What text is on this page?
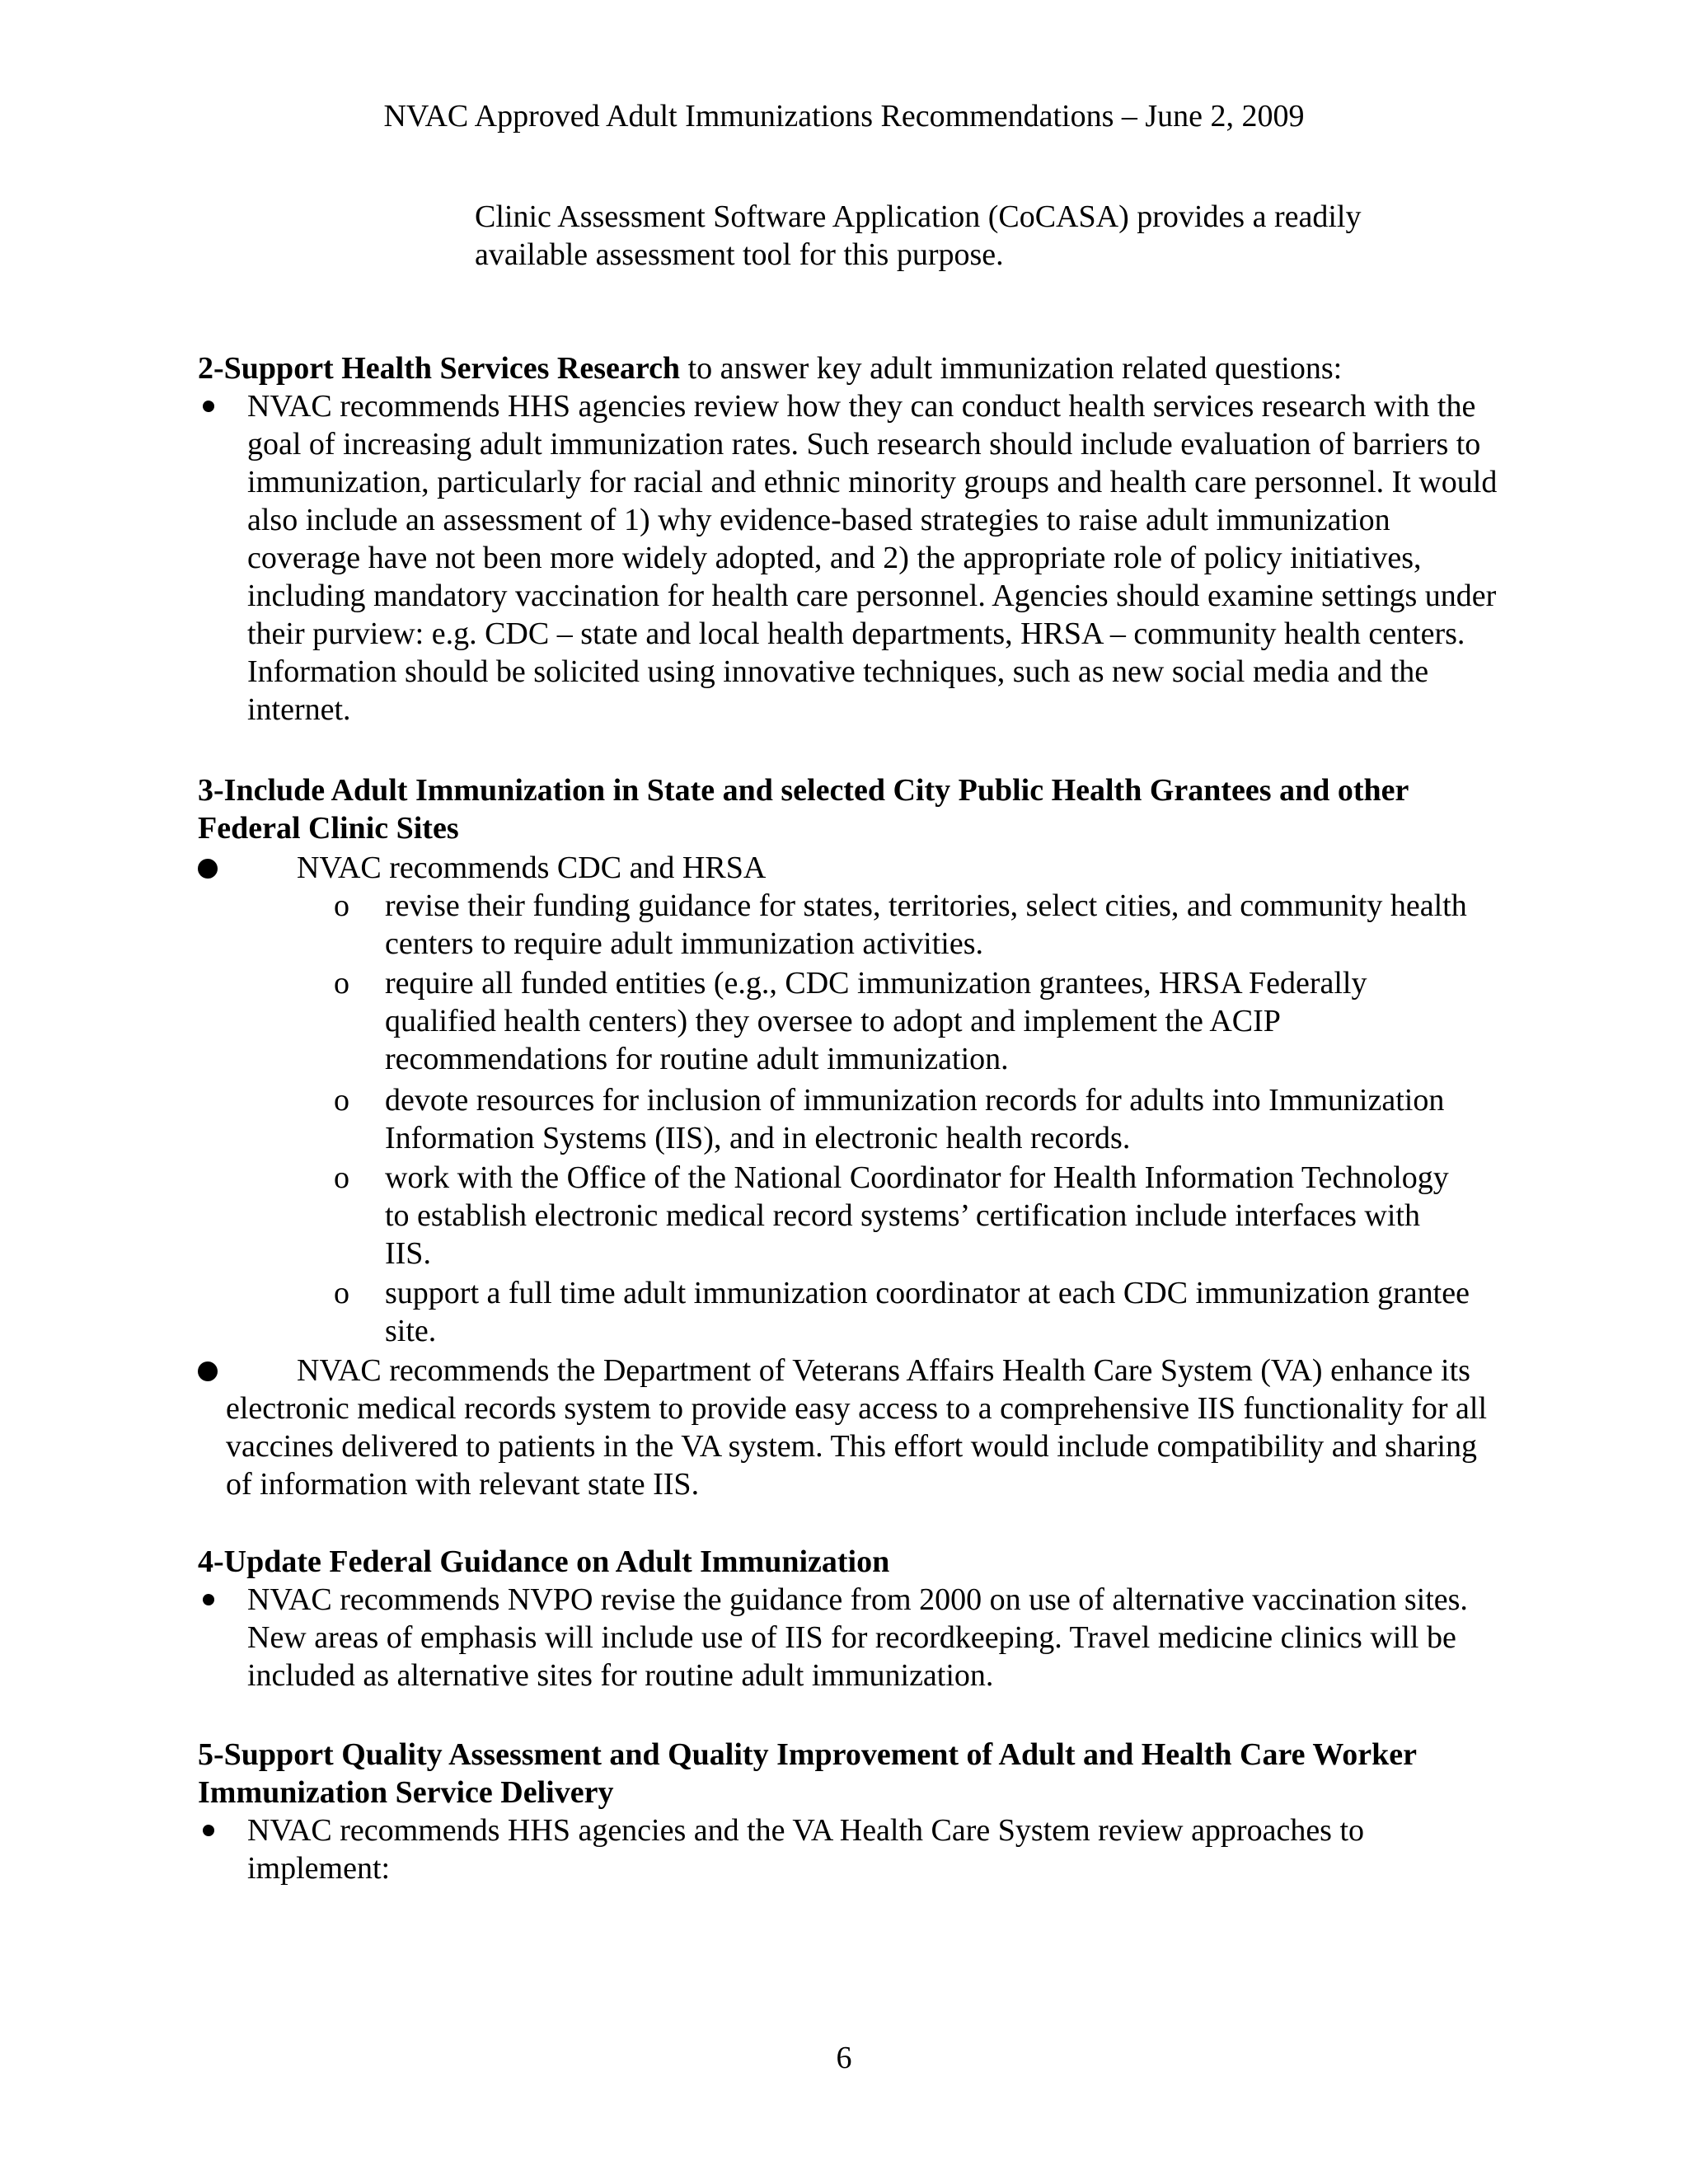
NVAC Approved Adult Immunizations Recommendations – June 2, 2009

Clinic Assessment Software Application (CoCASA) provides a readily available assessment tool for this purpose.

2-Support Health Services Research to answer key adult immunization related questions:

NVAC recommends HHS agencies review how they can conduct health services research with the goal of increasing adult immunization rates. Such research should include evaluation of barriers to immunization, particularly for racial and ethnic minority groups and health care personnel. It would also include an assessment of 1) why evidence-based strategies to raise adult immunization coverage have not been more widely adopted, and 2) the appropriate role of policy initiatives, including mandatory vaccination for health care personnel. Agencies should examine settings under their purview: e.g. CDC – state and local health departments, HRSA – community health centers. Information should be solicited using innovative techniques, such as new social media and the internet.

3-Include Adult Immunization in State and selected City Public Health Grantees and other Federal Clinic Sites

NVAC recommends CDC and HRSA

o revise their funding guidance for states, territories, select cities, and community health centers to require adult immunization activities.

o require all funded entities (e.g., CDC immunization grantees, HRSA Federally qualified health centers) they oversee to adopt and implement the ACIP recommendations for routine adult immunization.

o devote resources for inclusion of immunization records for adults into Immunization Information Systems (IIS), and in electronic health records.

o work with the Office of the National Coordinator for Health Information Technology to establish electronic medical record systems’ certification include interfaces with IIS.

o support a full time adult immunization coordinator at each CDC immunization grantee site.

NVAC recommends the Department of Veterans Affairs Health Care System (VA) enhance its electronic medical records system to provide easy access to a comprehensive IIS functionality for all vaccines delivered to patients in the VA system. This effort would include compatibility and sharing of information with relevant state IIS.

4-Update Federal Guidance on Adult Immunization

NVAC recommends NVPO revise the guidance from 2000 on use of alternative vaccination sites. New areas of emphasis will include use of IIS for recordkeeping. Travel medicine clinics will be included as alternative sites for routine adult immunization.

5-Support Quality Assessment and Quality Improvement of Adult and Health Care Worker Immunization Service Delivery

NVAC recommends HHS agencies and the VA Health Care System review approaches to implement:

6
